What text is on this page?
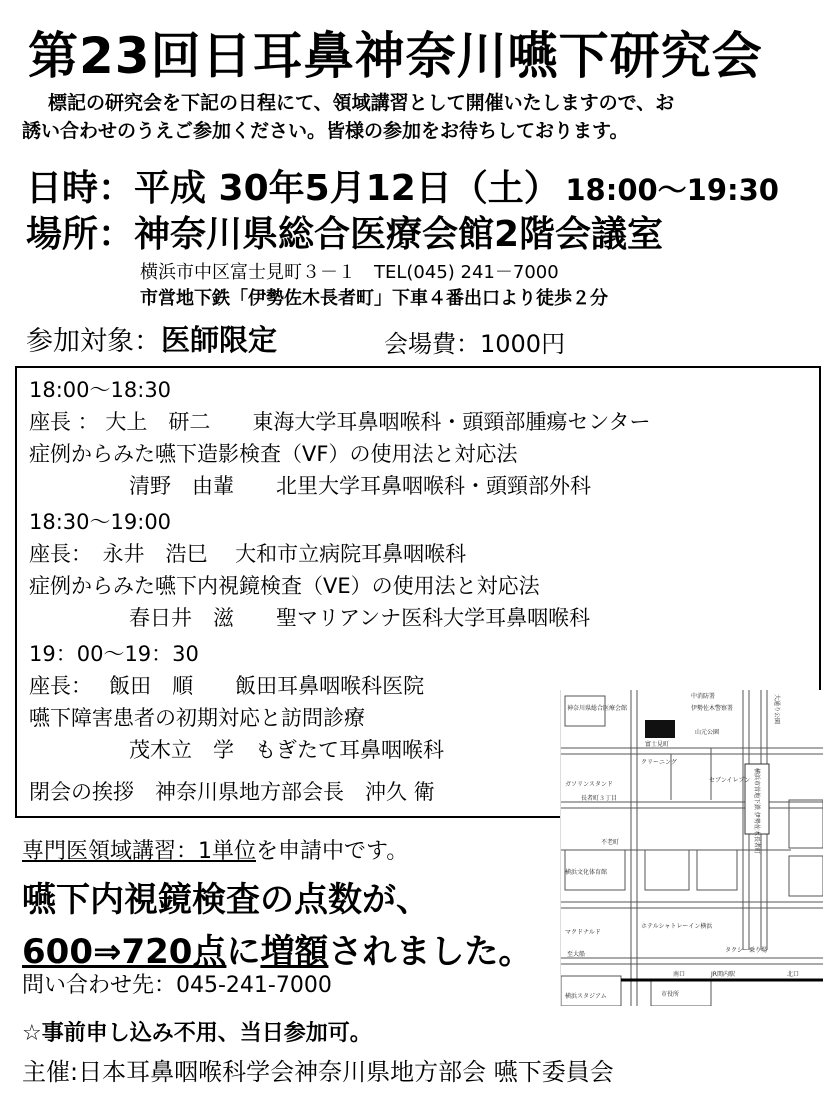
第23回日耳鼻神奈川嚥下研究会
標記の研究会を下記の日程にて、領域講習として開催いたしますので、お
誘い合わせのうえご参加ください。皆様の参加をお待ちしております。
日時：平成 30年5月12日（土） 18:00〜19:30
場所：神奈川県総合医療会館2階会議室
横浜市中区富士見町３－１　TEL(045) 241－7000
市営地下鉄「伊勢佐木長者町」下車４番出口より徒歩２分
参加対象：医師限定	会場費：1000円
18:00〜18:30
座長 ： 大上　研二　　東海大学耳鼻咽喉科・頭頸部腫瘍センター
症例からみた嚥下造影検査（VF）の使用法と対応法
清野　由輩　　北里大学耳鼻咽喉科・頭頸部外科
18:30〜19:00
座長：　永井　浩巳　 大和市立病院耳鼻咽喉科
症例からみた嚥下内視鏡検査（VE）の使用法と対応法
春日井　滋　　聖マリアンナ医科大学耳鼻咽喉科
19：00〜19：30
座長：　 飯田　順　　飯田耳鼻咽喉科医院
嚥下障害患者の初期対応と訪問診療
茂木立　学　もぎたて耳鼻咽喉科
閉会の挨拶　神奈川県地方部会長　沖久 衛
専門医領域講習：1単位を申請中です。
嚥下内視鏡検査の点数が、
600⇒720点に増額されました。
問い合わせ先：045-241-7000
☆事前申し込み不用、当日参加可。
主催:日本耳鼻咽喉科学会神奈川県地方部会 嚥下委員会
神奈川県総合医療会館
中消防署
伊勢佐木警察署
山元公園
富士見町
クリーニング
セブンイレブン
ガソリンスタンド
長者町３丁目	横浜市営地下鉄 伊勢佐木長者町
不老町
横浜文化体育館
マクドナルド
ホテルシャトレーイン横浜
タクシー乗り場
JR関内駅
南口	北口
横浜スタジアム	市役所
大通り公園
至大船
